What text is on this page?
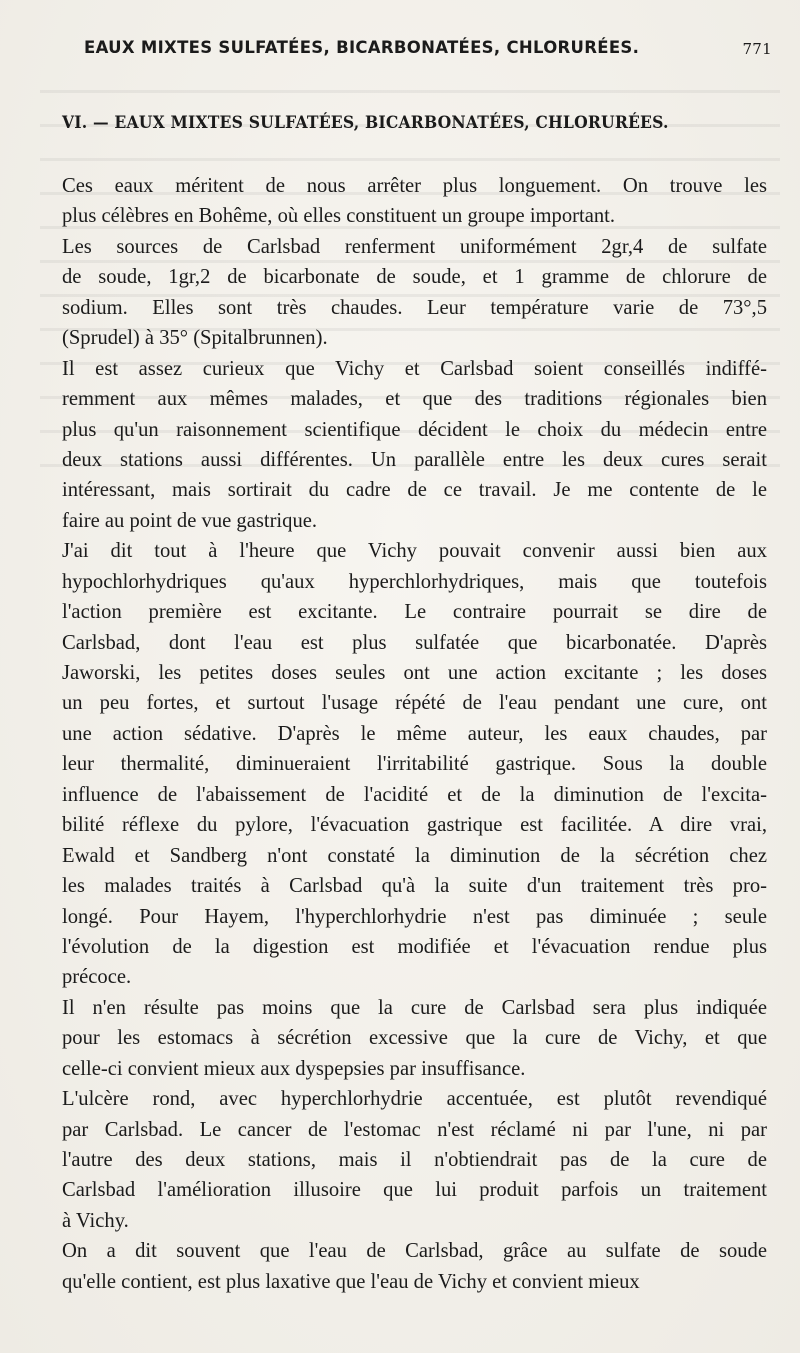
EAUX MIXTES SULFATÉES, BICARBONATÉES, CHLORURÉES.	771
VI. — EAUX MIXTES SULFATÉES, BICARBONATÉES, CHLORURÉES.

Ces eaux méritent de nous arrêter plus longuement. On trouve les
plus célèbres en Bohême, où elles constituent un groupe important.

Les sources de Carlsbad renferment uniformément 2gr,4 de sulfate
de soude, 1gr,2 de bicarbonate de soude, et 1 gramme de chlorure de
sodium. Elles sont très chaudes. Leur température varie de 73°,5
(Sprudel) à 35° (Spitalbrunnen).

Il est assez curieux que Vichy et Carlsbad soient conseillés indiffé-
remment aux mêmes malades, et que des traditions régionales bien
plus qu'un raisonnement scientifique décident le choix du médecin entre
deux stations aussi différentes. Un parallèle entre les deux cures serait
intéressant, mais sortirait du cadre de ce travail. Je me contente de le
faire au point de vue gastrique.

J'ai dit tout à l'heure que Vichy pouvait convenir aussi bien aux
hypochlorhydriques qu'aux hyperchlorhydriques, mais que toutefois
l'action première est excitante. Le contraire pourrait se dire de
Carlsbad, dont l'eau est plus sulfatée que bicarbonatée. D'après
Jaworski, les petites doses seules ont une action excitante ; les doses
un peu fortes, et surtout l'usage répété de l'eau pendant une cure, ont
une action sédative. D'après le même auteur, les eaux chaudes, par
leur thermalité, diminueraient l'irritabilité gastrique. Sous la double
influence de l'abaissement de l'acidité et de la diminution de l'excita-
bilité réflexe du pylore, l'évacuation gastrique est facilitée. A dire vrai,
Ewald et Sandberg n'ont constaté la diminution de la sécrétion chez
les malades traités à Carlsbad qu'à la suite d'un traitement très pro-
longé. Pour Hayem, l'hyperchlorhydrie n'est pas diminuée ; seule
l'évolution de la digestion est modifiée et l'évacuation rendue plus
précoce.

Il n'en résulte pas moins que la cure de Carlsbad sera plus indiquée
pour les estomacs à sécrétion excessive que la cure de Vichy, et que
celle-ci convient mieux aux dyspepsies par insuffisance.

L'ulcère rond, avec hyperchlorhydrie accentuée, est plutôt revendiqué
par Carlsbad. Le cancer de l'estomac n'est réclamé ni par l'une, ni par
l'autre des deux stations, mais il n'obtiendrait pas de la cure de
Carlsbad l'amélioration illusoire que lui produit parfois un traitement
à Vichy.

On a dit souvent que l'eau de Carlsbad, grâce au sulfate de soude
qu'elle contient, est plus laxative que l'eau de Vichy et convient mieux
